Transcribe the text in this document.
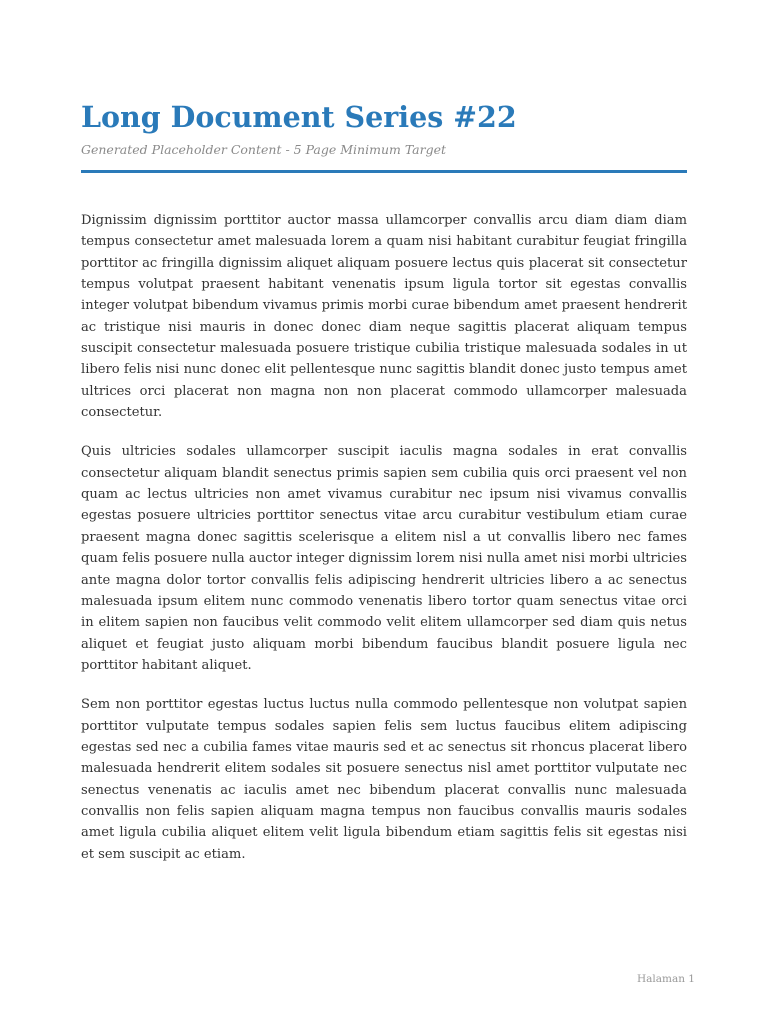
Long Document Series #22
Generated Placeholder Content - 5 Page Minimum Target

Dignissim dignissim porttitor auctor massa ullamcorper convallis arcu diam diam diam tempus consectetur amet malesuada lorem a quam nisi habitant curabitur feugiat fringilla porttitor ac fringilla dignissim aliquet aliquam posuere lectus quis placerat sit consectetur tempus volutpat praesent habitant venenatis ipsum ligula tortor sit egestas convallis integer volutpat bibendum vivamus primis morbi curae bibendum amet praesent hendrerit ac tristique nisi mauris in donec donec diam neque sagittis placerat aliquam tempus suscipit consectetur malesuada posuere tristique cubilia tristique malesuada sodales in ut libero felis nisi nunc donec elit pellentesque nunc sagittis blandit donec justo tempus amet ultrices orci placerat non magna non non placerat commodo ullamcorper malesuada consectetur.

Quis ultricies sodales ullamcorper suscipit iaculis magna sodales in erat convallis consectetur aliquam blandit senectus primis sapien sem cubilia quis orci praesent vel non quam ac lectus ultricies non amet vivamus curabitur nec ipsum nisi vivamus convallis egestas posuere ultricies porttitor senectus vitae arcu curabitur vestibulum etiam curae praesent magna donec sagittis scelerisque a elitem nisl a ut convallis libero nec fames quam felis posuere nulla auctor integer dignissim lorem nisi nulla amet nisi morbi ultricies ante magna dolor tortor convallis felis adipiscing hendrerit ultricies libero a ac senectus malesuada ipsum elitem nunc commodo venenatis libero tortor quam senectus vitae orci in elitem sapien non faucibus velit commodo velit elitem ullamcorper sed diam quis netus aliquet et feugiat justo aliquam morbi bibendum faucibus blandit posuere ligula nec porttitor habitant aliquet.

Sem non porttitor egestas luctus luctus nulla commodo pellentesque non volutpat sapien porttitor vulputate tempus sodales sapien felis sem luctus faucibus elitem adipiscing egestas sed nec a cubilia fames vitae mauris sed et ac senectus sit rhoncus placerat libero malesuada hendrerit elitem sodales sit posuere senectus nisl amet porttitor vulputate nec senectus venenatis ac iaculis amet nec bibendum placerat convallis nunc malesuada convallis non felis sapien aliquam magna tempus non faucibus convallis mauris sodales amet ligula cubilia aliquet elitem velit ligula bibendum etiam sagittis felis sit egestas nisi et sem suscipit ac etiam.

Halaman 1
